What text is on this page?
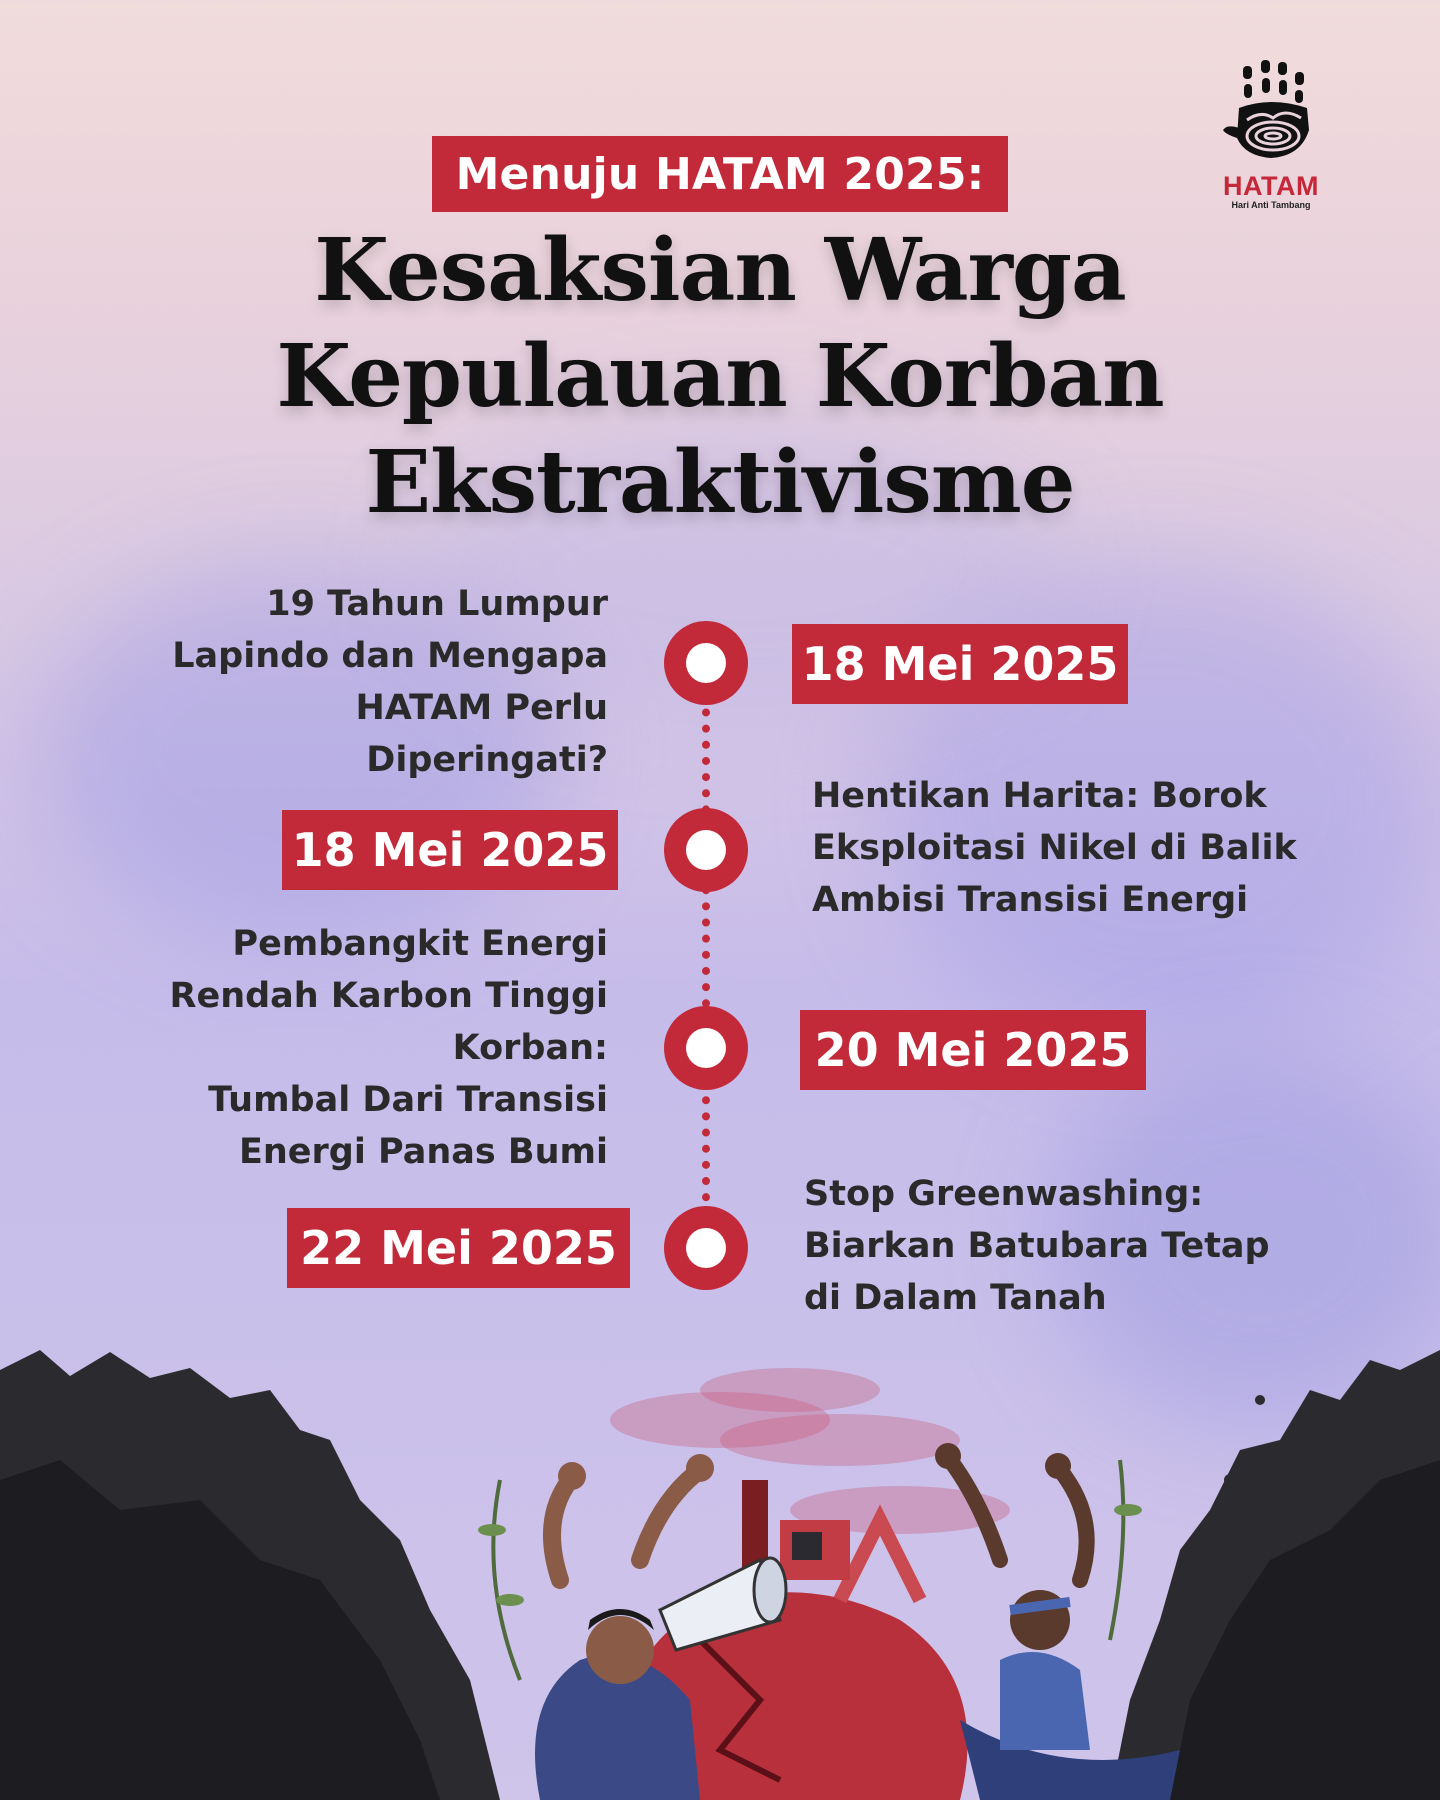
HATAM
Hari Anti Tambang
Menuju HATAM 2025:
Kesaksian Warga
Kepulauan Korban
Ekstraktivisme
18 Mei 2025
18 Mei 2025
20 Mei 2025
22 Mei 2025
19 Tahun Lumpur
Lapindo dan Mengapa
HATAM Perlu
Diperingati?
Hentikan Harita: Borok
Eksploitasi Nikel di Balik
Ambisi Transisi Energi
Pembangkit Energi
Rendah Karbon Tinggi
Korban:
Tumbal Dari Transisi
Energi Panas Bumi
Stop Greenwashing:
Biarkan Batubara Tetap
di Dalam Tanah
